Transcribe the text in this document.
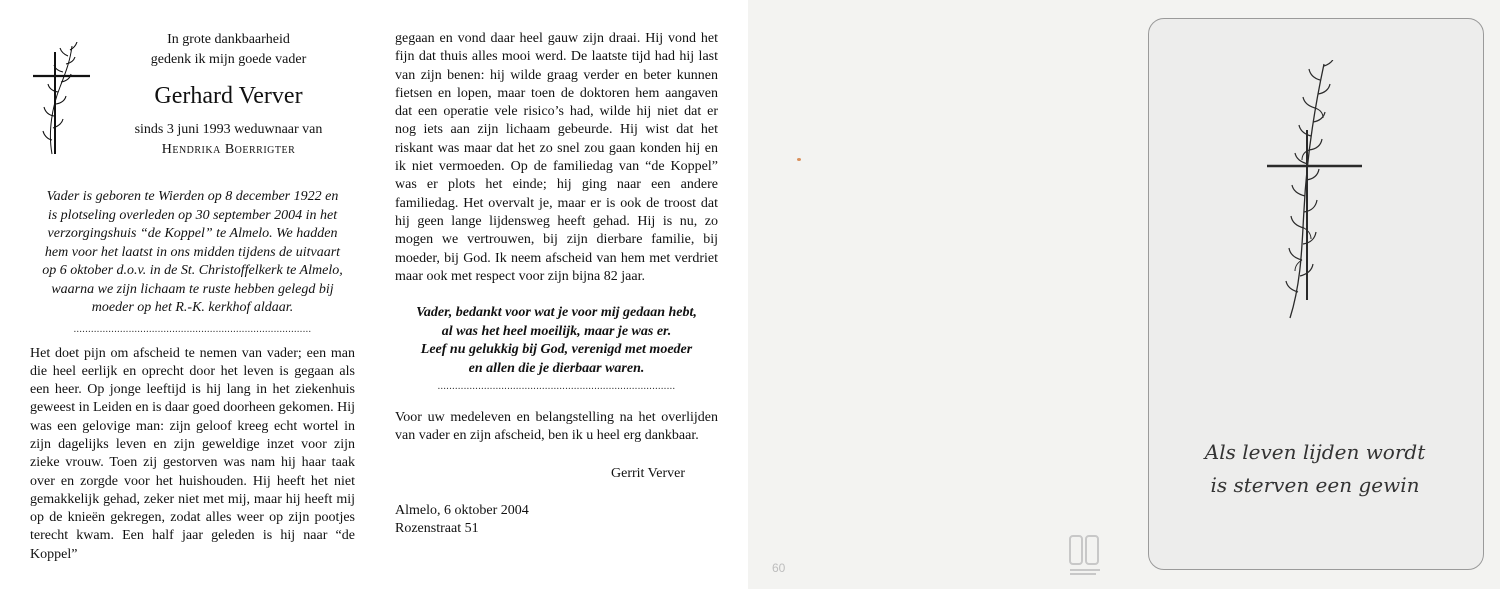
In grote dankbaarheid
gedenk ik mijn goede vader
Gerhard Verver
sinds 3 juni 1993 weduwnaar van
Hendrika Boerrigter
Vader is geboren te Wierden op 8 december 1922 en
is plotseling overleden op 30 september 2004 in het
verzorgingshuis “de Koppel” te Almelo. We hadden
hem voor het laatst in ons midden tijdens de uitvaart
op 6 oktober d.o.v. in de St. Christoffelkerk te Almelo,
waarna we zijn lichaam te ruste hebben gelegd bij
moeder op het R.-K. kerkhof aldaar.
..................................................................................
Het doet pijn om afscheid te nemen van vader; een man die heel eerlijk en oprecht door het leven is gegaan als een heer. Op jonge leeftijd is hij lang in het ziekenhuis geweest in Leiden en is daar goed doorheen gekomen. Hij was een gelovige man: zijn geloof kreeg echt wortel in zijn dagelijks leven en zijn geweldige inzet voor zijn zieke vrouw. Toen zij gestorven was nam hij haar taak over en zorgde voor het huishouden. Hij heeft het niet gemakkelijk gehad, zeker niet met mij, maar hij heeft mij op de knieën gekregen, zodat alles weer op zijn pootjes terecht kwam. Een half jaar geleden is hij naar “de Koppel”
gegaan en vond daar heel gauw zijn draai. Hij vond het fijn dat thuis alles mooi werd. De laatste tijd had hij last van zijn benen: hij wilde graag verder en beter kunnen fietsen en lopen, maar toen de doktoren hem aangaven dat een operatie vele risico’s had, wilde hij niet dat er nog iets aan zijn lichaam gebeurde. Hij wist dat het riskant was maar dat het zo snel zou gaan konden hij en ik niet vermoeden. Op de familiedag van “de Koppel” was er plots het einde; hij ging naar een andere familiedag. Het overvalt je, maar er is ook de troost dat hij geen lange lijdensweg heeft gehad. Hij is nu, zo mogen we vertrouwen, bij zijn dierbare familie, bij moeder, bij God. Ik neem afscheid van hem met verdriet maar ook met respect voor zijn bijna 82 jaar.
Vader, bedankt voor wat je voor mij gedaan hebt,
al was het heel moeilijk, maar je was er.
Leef nu gelukkig bij God, verenigd met moeder
en allen die je dierbaar waren.
..................................................................................
Voor uw medeleven en belangstelling na het overlijden van vader en zijn afscheid, ben ik u heel erg dankbaar.
Gerrit Verver
Almelo, 6 oktober 2004
Rozenstraat 51
Als leven lijden wordt
is sterven een gewin
60
